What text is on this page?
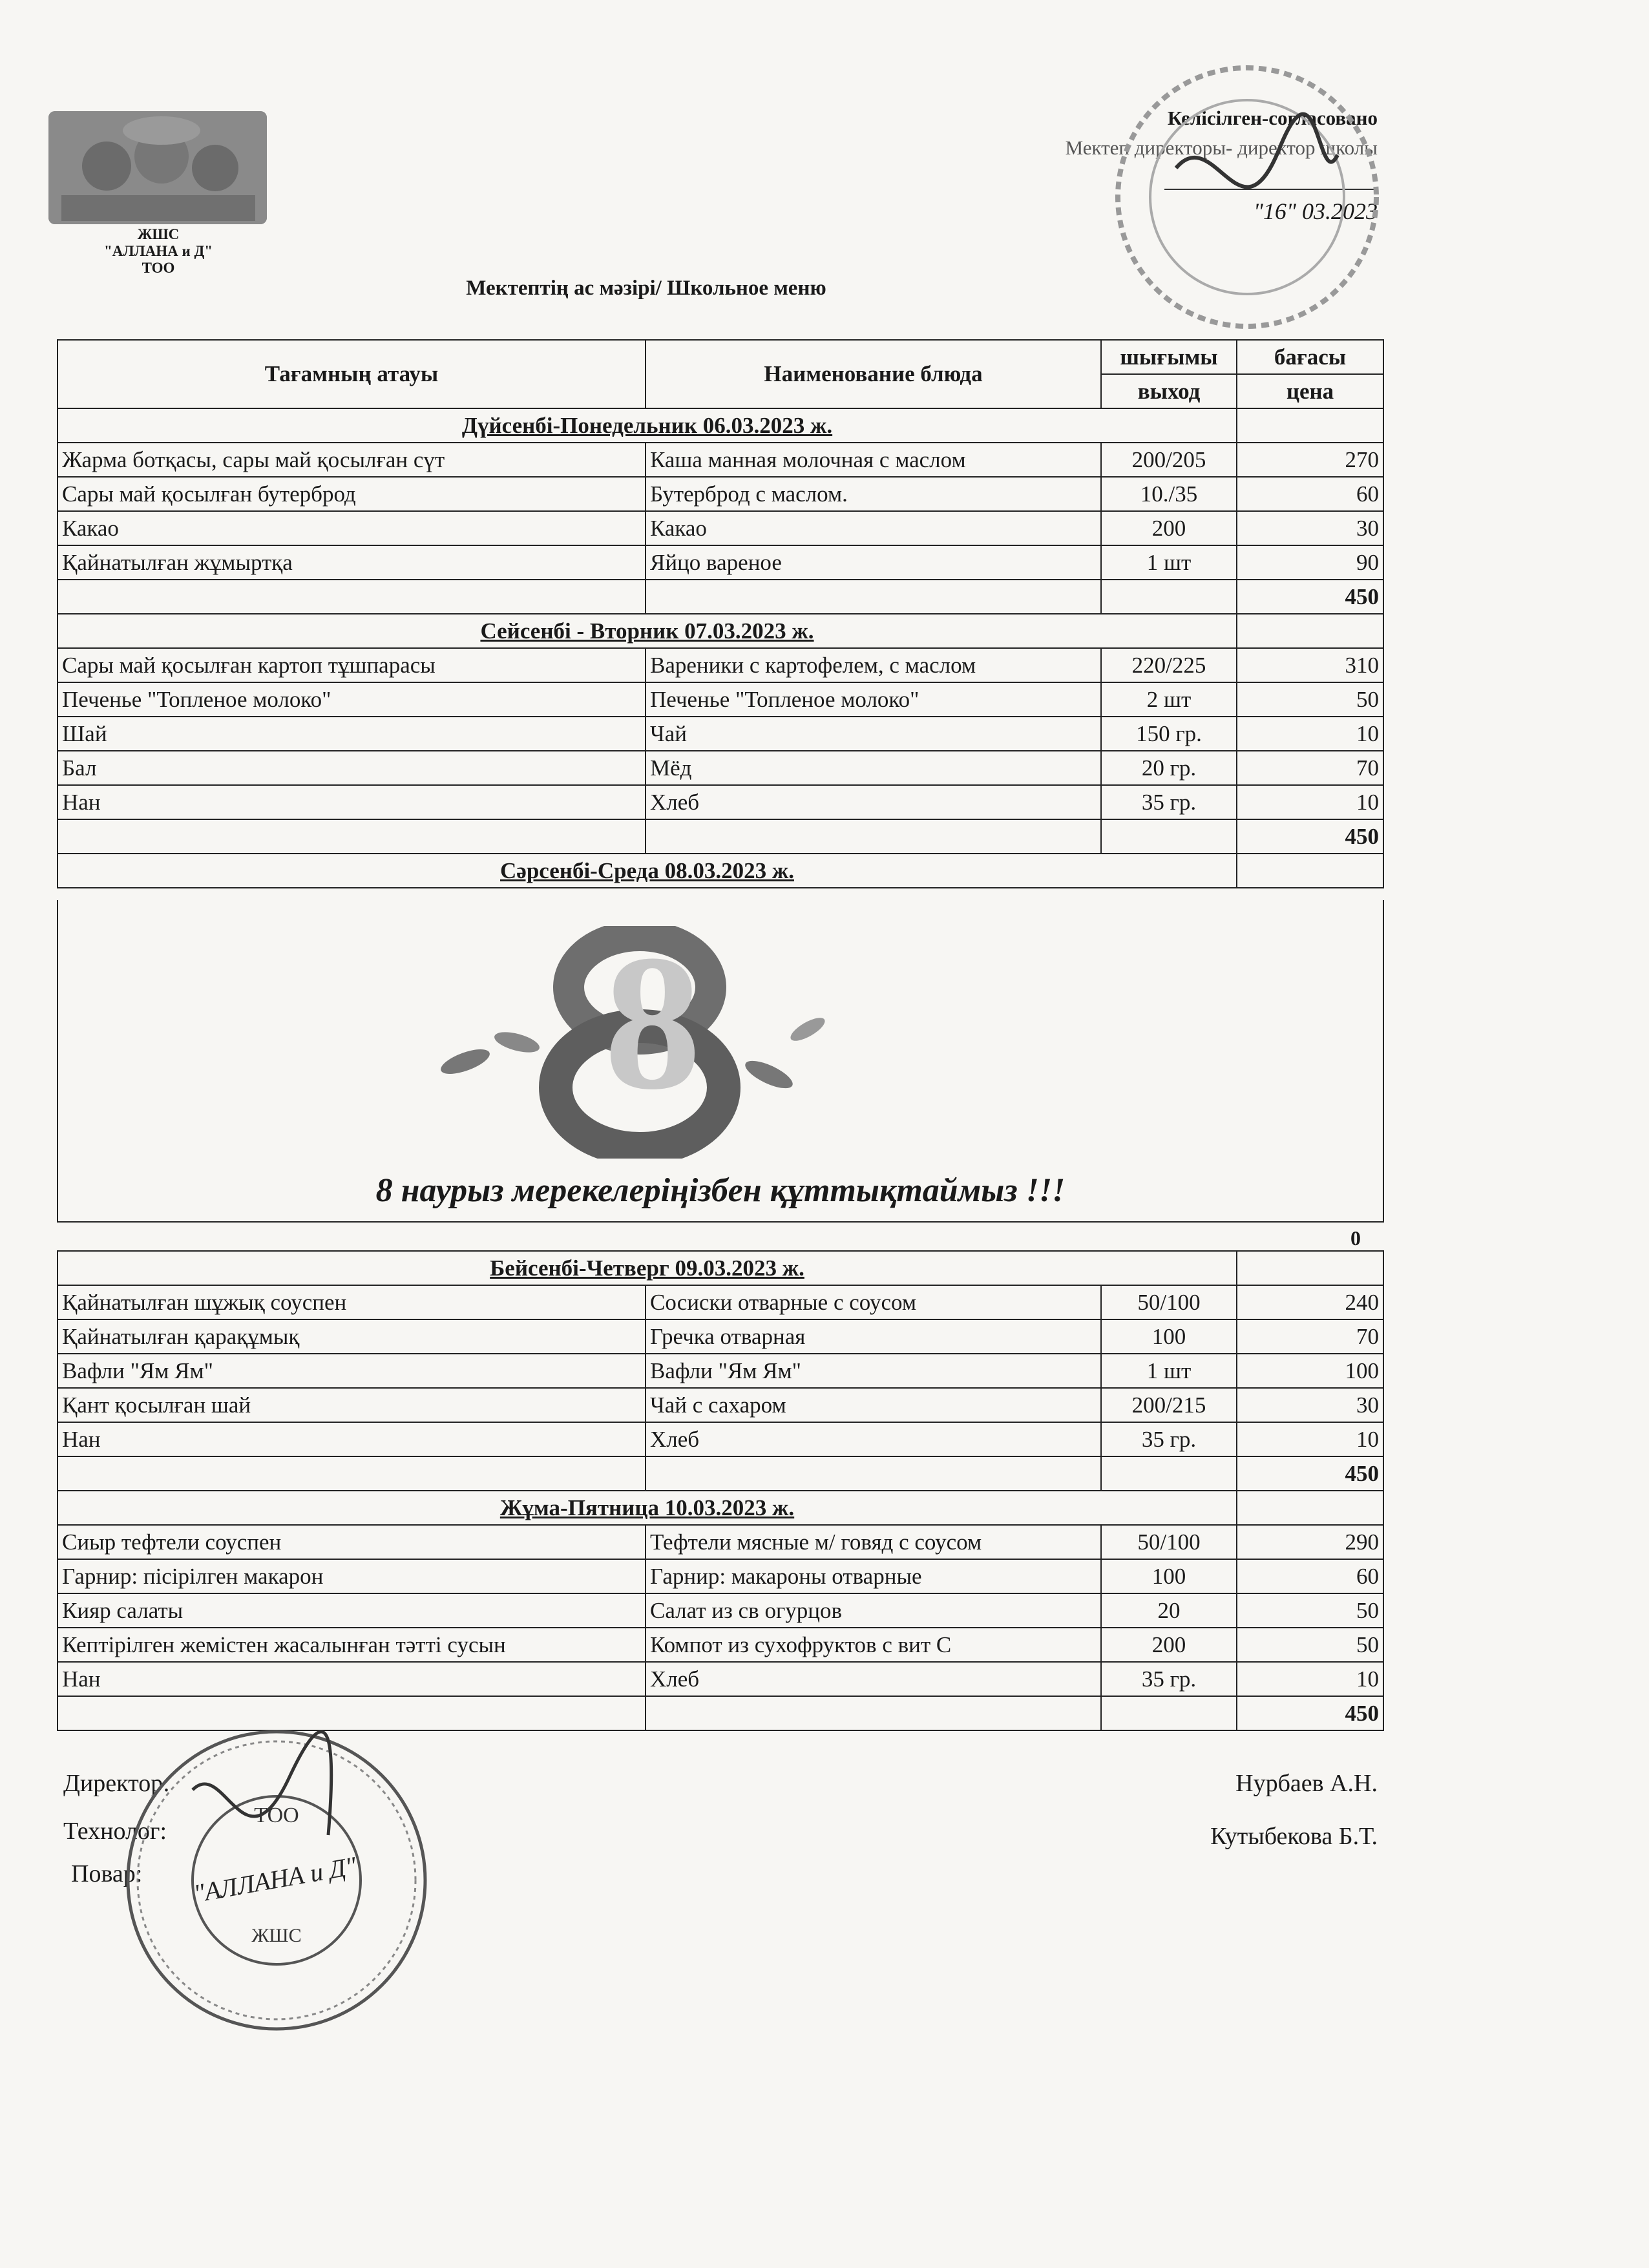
ЖШС
"АЛЛАНА и Д"
ТОО
Келісілген-согласовано
Мектеп директоры- директор школы
"16" 03.2023
Мектептің ас мәзірі/ Школьное меню
Тағамның атауы	Наименование блюда	шығымы	бағасы
		выход	цена
Дүйсенбі-Понедельник 06.03.2023 ж.			
Жарма ботқасы, сары май қосылған сүт	Каша манная молочная с маслом	200/205	270
Сары май қосылған бутерброд	Бутерброд с маслом.	10./35	60
Какао	Какао	200	30
Қайнатылған жұмыртқа	Яйцо вареное	1 шт	90
			450
Сейсенбі - Вторник 07.03.2023 ж.			
Сары май қосылған картоп тұшпарасы	Вареники с картофелем, с маслом	220/225	310
Печенье "Топленое молоко"	Печенье "Топленое молоко"	2 шт	50
Шай	Чай	150 гр.	10
Бал	Мёд	20 гр.	70
Нан	Хлеб	35 гр.	10
			450
Сәрсенбі-Среда 08.03.2023 ж.			
8
8 наурыз мерекелеріңізбен құттықтаймыз !!!
0
Бейсенбі-Четверг 09.03.2023 ж.			
Қайнатылған шұжық соуспен	Сосиски отварные с соусом	50/100	240
Қайнатылған қарақұмық	Гречка отварная	100	70
Вафли "Ям Ям"	Вафли "Ям Ям"	1 шт	100
Қант қосылған шай	Чай с сахаром	200/215	30
Нан	Хлеб	35 гр.	10
			450
Жұма-Пятница 10.03.2023 ж.			
Сиыр тефтели соуспен	Тефтели мясные м/ говяд с соусом	50/100	290
Гарнир: пісірілген макарон	Гарнир: макароны отварные	100	60
Кияр салаты	Салат из св огурцов	20	50
Кептірілген жемістен жасалынған тәтті сусын	Компот из сухофруктов с вит С	200	50
Нан	Хлеб	35 гр.	10
			450
Директор:
Технолог:
Повар:
Нурбаев А.Н.
Кутыбекова Б.Т.
ТОО
"АЛЛАНА и Д"
ЖШС
